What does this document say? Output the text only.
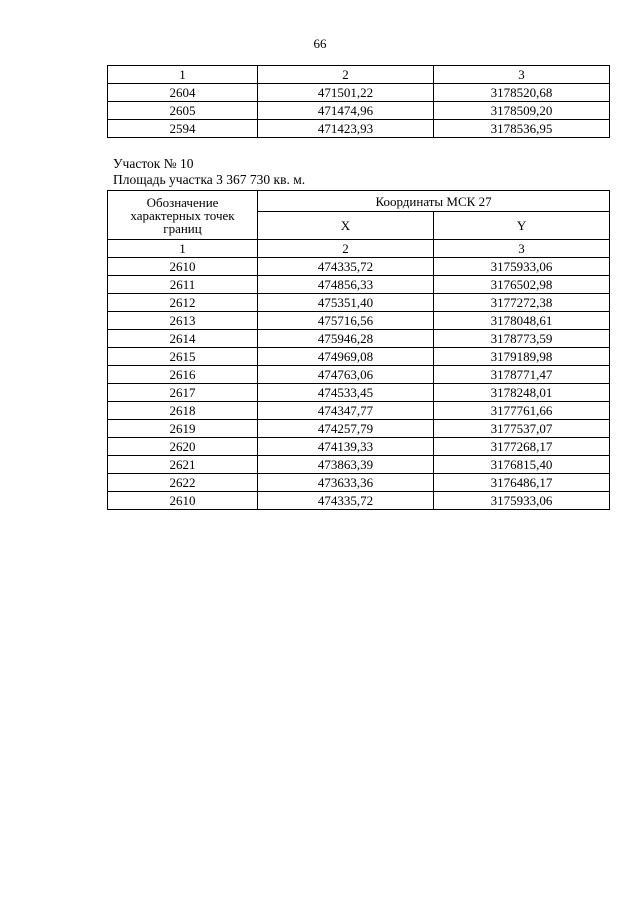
66
1	2	3
2604	471501,22	3178520,68
2605	471474,96	3178509,20
2594	471423,93	3178536,95
Участок № 10
Площадь участка 3 367 730 кв. м.
Обозначение
характерных точек
границ	Координаты МСК 27	
	X	Y
1	2	3
2610	474335,72	3175933,06
2611	474856,33	3176502,98
2612	475351,40	3177272,38
2613	475716,56	3178048,61
2614	475946,28	3178773,59
2615	474969,08	3179189,98
2616	474763,06	3178771,47
2617	474533,45	3178248,01
2618	474347,77	3177761,66
2619	474257,79	3177537,07
2620	474139,33	3177268,17
2621	473863,39	3176815,40
2622	473633,36	3176486,17
2610	474335,72	3175933,06
